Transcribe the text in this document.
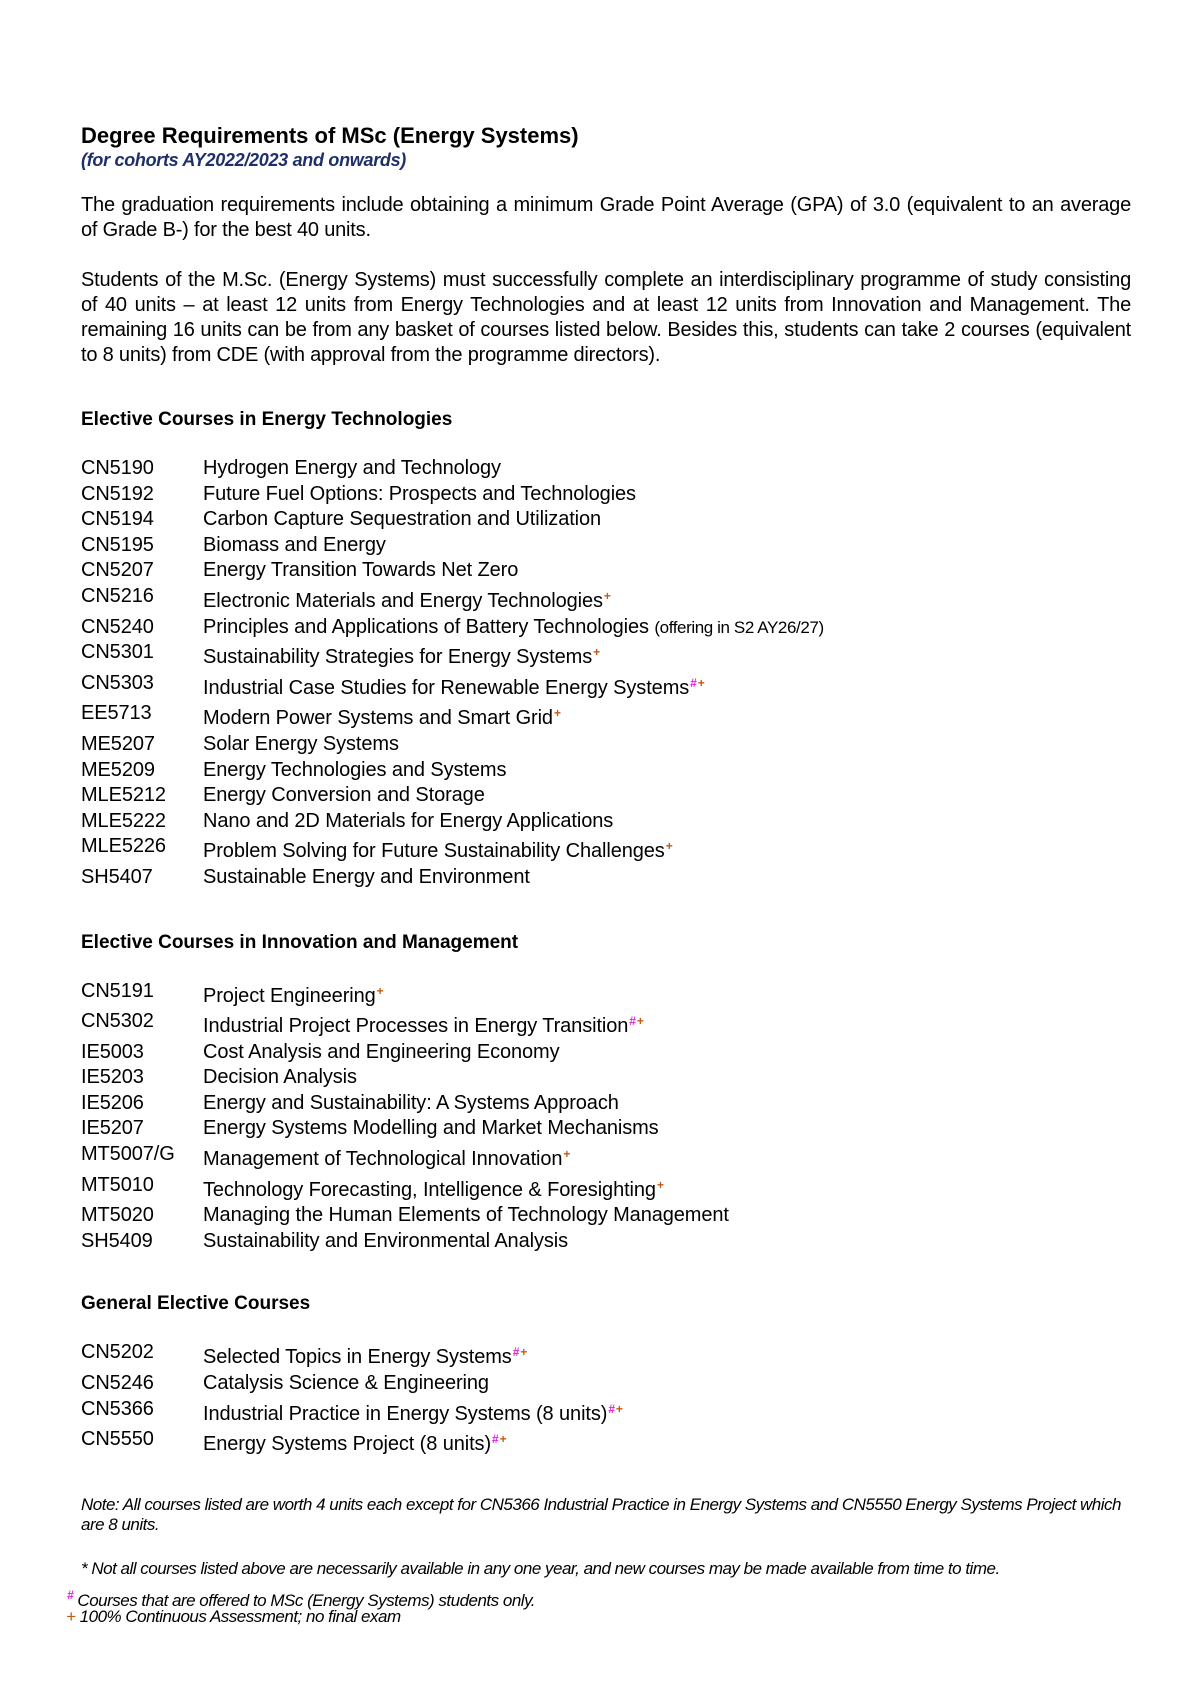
Degree Requirements of MSc (Energy Systems)

(for cohorts AY2022/2023 and onwards)

The graduation requirements include obtaining a minimum Grade Point Average (GPA) of 3.0 (equivalent to an average of Grade B-) for the best 40 units.

Students of the M.Sc. (Energy Systems) must successfully complete an interdisciplinary programme of study consisting of 40 units – at least 12 units from Energy Technologies and at least 12 units from Innovation and Management. The remaining 16 units can be from any basket of courses listed below. Besides this, students can take 2 courses (equivalent to 8 units) from CDE (with approval from the programme directors).

Elective Courses in Energy Technologies
CN5190	Hydrogen Energy and Technology
CN5192	Future Fuel Options: Prospects and Technologies
CN5194	Carbon Capture Sequestration and Utilization
CN5195	Biomass and Energy
CN5207	Energy Transition Towards Net Zero
CN5216	Electronic Materials and Energy Technologies+
CN5240	Principles and Applications of Battery Technologies (offering in S2 AY26/27)
CN5301	Sustainability Strategies for Energy Systems+
CN5303	Industrial Case Studies for Renewable Energy Systems#+
EE5713	Modern Power Systems and Smart Grid+
ME5207	Solar Energy Systems
ME5209	Energy Technologies and Systems
MLE5212	Energy Conversion and Storage
MLE5222	Nano and 2D Materials for Energy Applications
MLE5226	Problem Solving for Future Sustainability Challenges+
SH5407	Sustainable Energy and Environment
Elective Courses in Innovation and Management
CN5191	Project Engineering+
CN5302	Industrial Project Processes in Energy Transition#+
IE5003	Cost Analysis and Engineering Economy
IE5203	Decision Analysis
IE5206	Energy and Sustainability: A Systems Approach
IE5207	Energy Systems Modelling and Market Mechanisms
MT5007/G	Management of Technological Innovation+
MT5010	Technology Forecasting, Intelligence & Foresighting+
MT5020	Managing the Human Elements of Technology Management
SH5409	Sustainability and Environmental Analysis
General Elective Courses
CN5202	Selected Topics in Energy Systems#+
CN5246	Catalysis Science & Engineering
CN5366	Industrial Practice in Energy Systems (8 units)#+
CN5550	Energy Systems Project (8 units)#+

Note: All courses listed are worth 4 units each except for CN5366 Industrial Practice in Energy Systems and CN5550 Energy Systems Project which are 8 units.

* Not all courses listed above are necessarily available in any one year, and new courses may be made available from time to time.

# Courses that are offered to MSc (Energy Systems) students only.
+ 100% Continuous Assessment; no final exam
